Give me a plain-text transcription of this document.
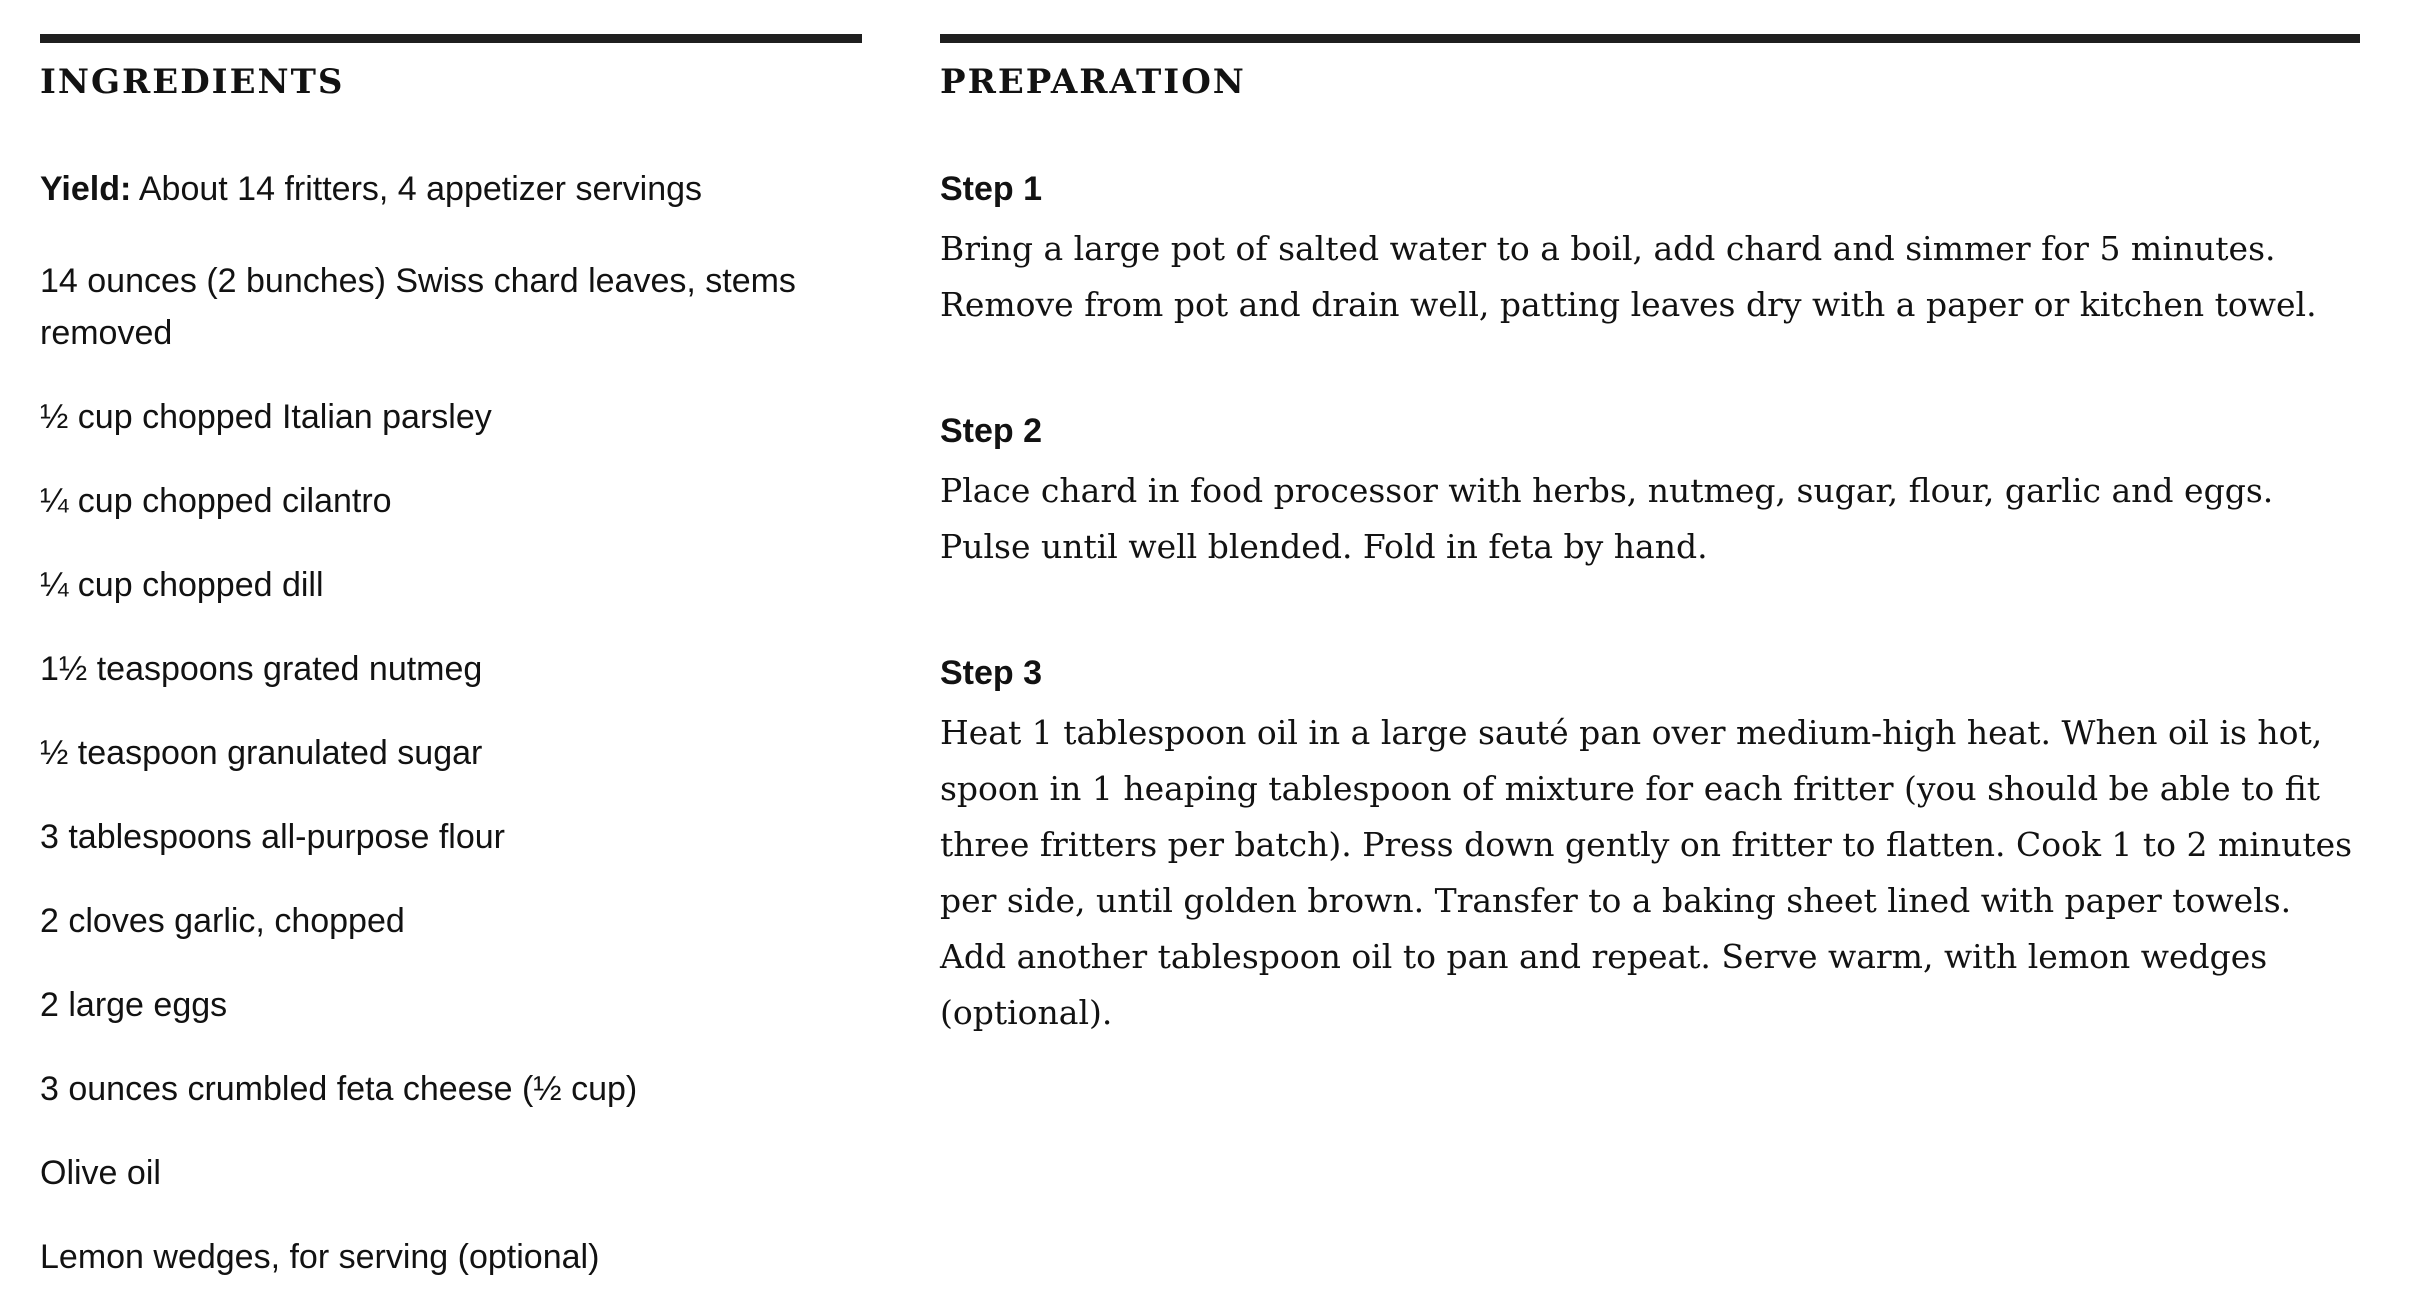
INGREDIENTS
Yield: About 14 fritters, 4 appetizer servings
14 ounces (2 bunches) Swiss chard leaves, stems removed
½ cup chopped Italian parsley
¼ cup chopped cilantro
¼ cup chopped dill
1½ teaspoons grated nutmeg
½ teaspoon granulated sugar
3 tablespoons all-purpose flour
2 cloves garlic, chopped
2 large eggs
3 ounces crumbled feta cheese (½ cup)
Olive oil
Lemon wedges, for serving (optional)
PREPARATION
Step 1
Bring a large pot of salted water to a boil, add chard and simmer for 5 minutes. Remove from pot and drain well, patting leaves dry with a paper or kitchen towel.
Step 2
Place chard in food processor with herbs, nutmeg, sugar, flour, garlic and eggs. Pulse until well blended. Fold in feta by hand.
Step 3
Heat 1 tablespoon oil in a large sauté pan over medium-high heat. When oil is hot, spoon in 1 heaping tablespoon of mixture for each fritter (you should be able to fit three fritters per batch). Press down gently on fritter to flatten. Cook 1 to 2 minutes per side, until golden brown. Transfer to a baking sheet lined with paper towels. Add another tablespoon oil to pan and repeat. Serve warm, with lemon wedges (optional).
